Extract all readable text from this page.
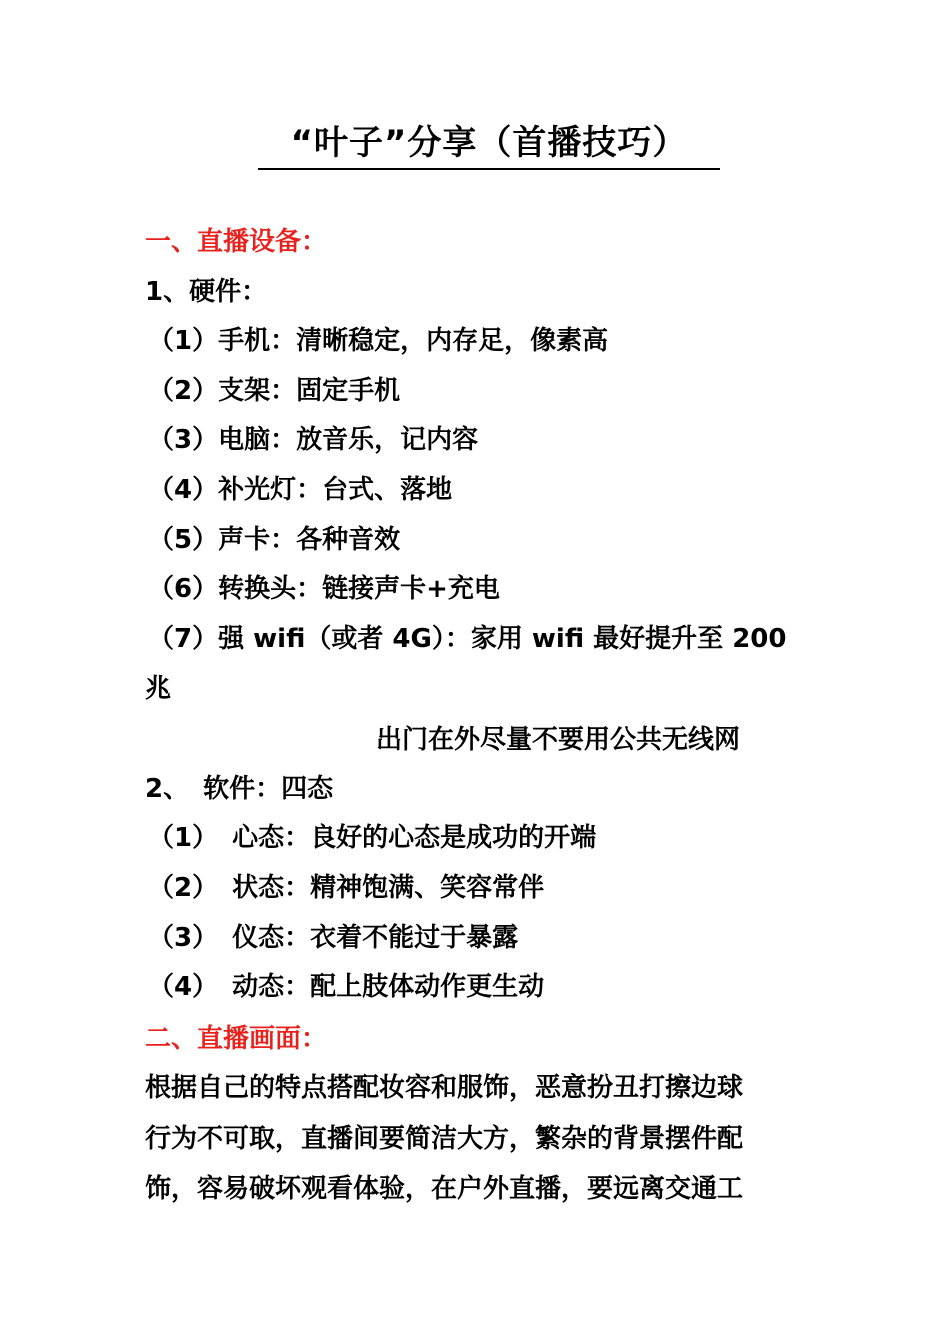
“叶子”分享（首播技巧）
一、直播设备：
1、硬件：
（1）手机：清晰稳定，内存足，像素高
（2）支架：固定手机
（3）电脑：放音乐，记内容
（4）补光灯：台式、落地
（5）声卡：各种音效
（6）转换头：链接声卡+充电
（7）强 wifi（或者 4G）：家用 wifi 最好提升至 200
兆
出门在外尽量不要用公共无线网
2、 软件：四态
（1） 心态：良好的心态是成功的开端
（2） 状态：精神饱满、笑容常伴
（3） 仪态：衣着不能过于暴露
（4） 动态：配上肢体动作更生动
二、直播画面：
根据自己的特点搭配妆容和服饰，恶意扮丑打擦边球
行为不可取，直播间要简洁大方，繁杂的背景摆件配
饰，容易破坏观看体验，在户外直播，要远离交通工
